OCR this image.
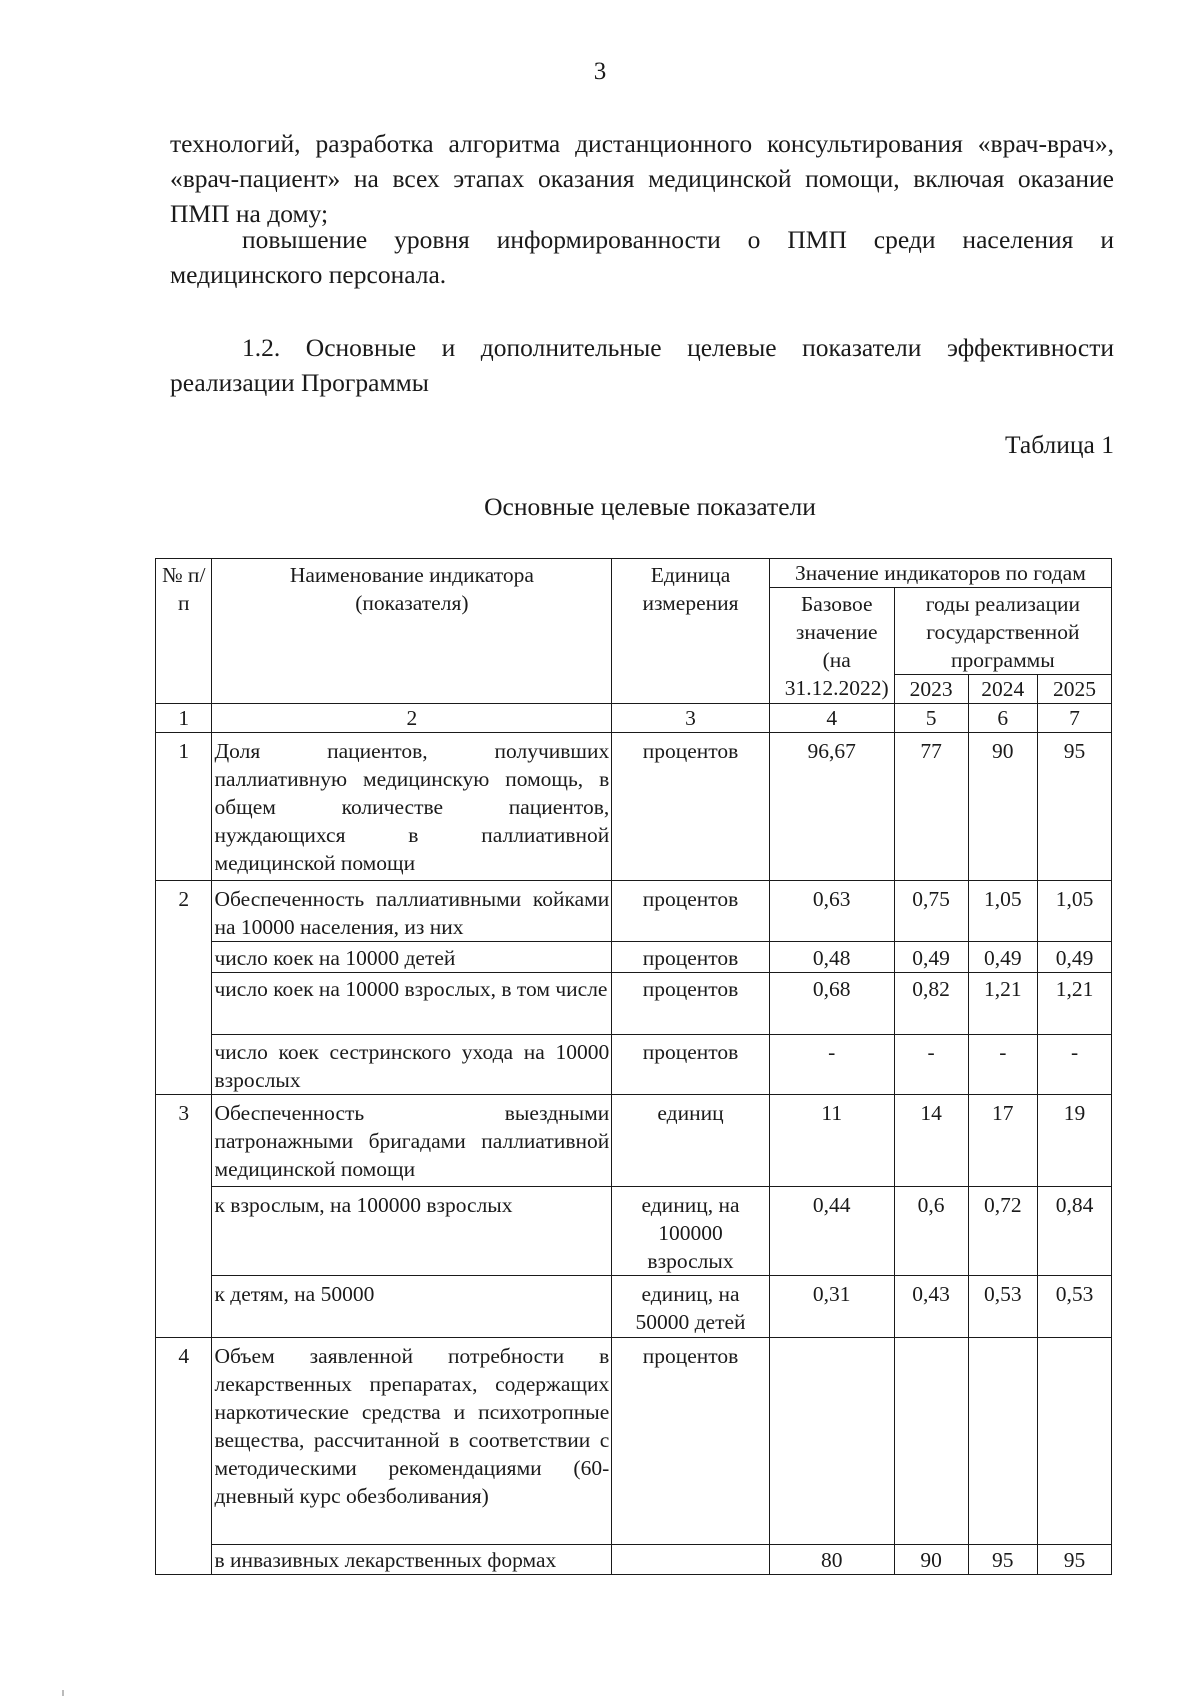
3

технологий, разработка алгоритма дистанционного консультирования «врач-врач», «врач-пациент» на всех этапах оказания медицинской помощи, включая оказание ПМП на дому;

повышение уровня информированности о ПМП среди населения и медицинского персонала.

1.2. Основные и дополнительные целевые показатели эффективности реализации Программы

Таблица 1
Основные целевые показатели
№ п/п	Наименование индикатора (показателя)	Единица измерения	Значение индикаторов по годам			
			Базовое значение (на 31.12.2022)	годы реализации государственной программы		
				2023	2024	2025
1	2	3	4	5	6	7
1	Доля пациентов, получивших паллиативную медицинскую помощь, в общем количестве пациентов, нуждающихся в паллиативной медицинской помощи	процентов	96,67	77	90	95
2	Обеспеченность паллиативными койками на 10000 населения, из них	процентов	0,63	0,75	1,05	1,05
	число коек на 10000 детей	процентов	0,48	0,49	0,49	0,49
	число коек на 10000 взрослых, в том числе	процентов	0,68	0,82	1,21	1,21
	число коек сестринского ухода на 10000 взрослых	процентов	-	-	-	-
3	Обеспеченность выездными патронажными бригадами паллиативной медицинской помощи	единиц	11	14	17	19
	к взрослым, на 100000 взрослых	единиц, на 100000 взрослых	0,44	0,6	0,72	0,84
	к детям, на 50000	единиц, на 50000 детей	0,31	0,43	0,53	0,53
4	Объем заявленной потребности в лекарственных препаратах, содержащих наркотические средства и психотропные вещества, рассчитанной в соответствии с методическими рекомендациями (60-дневный курс обезболивания)	процентов				
	в инвазивных лекарственных формах		80	90	95	95
